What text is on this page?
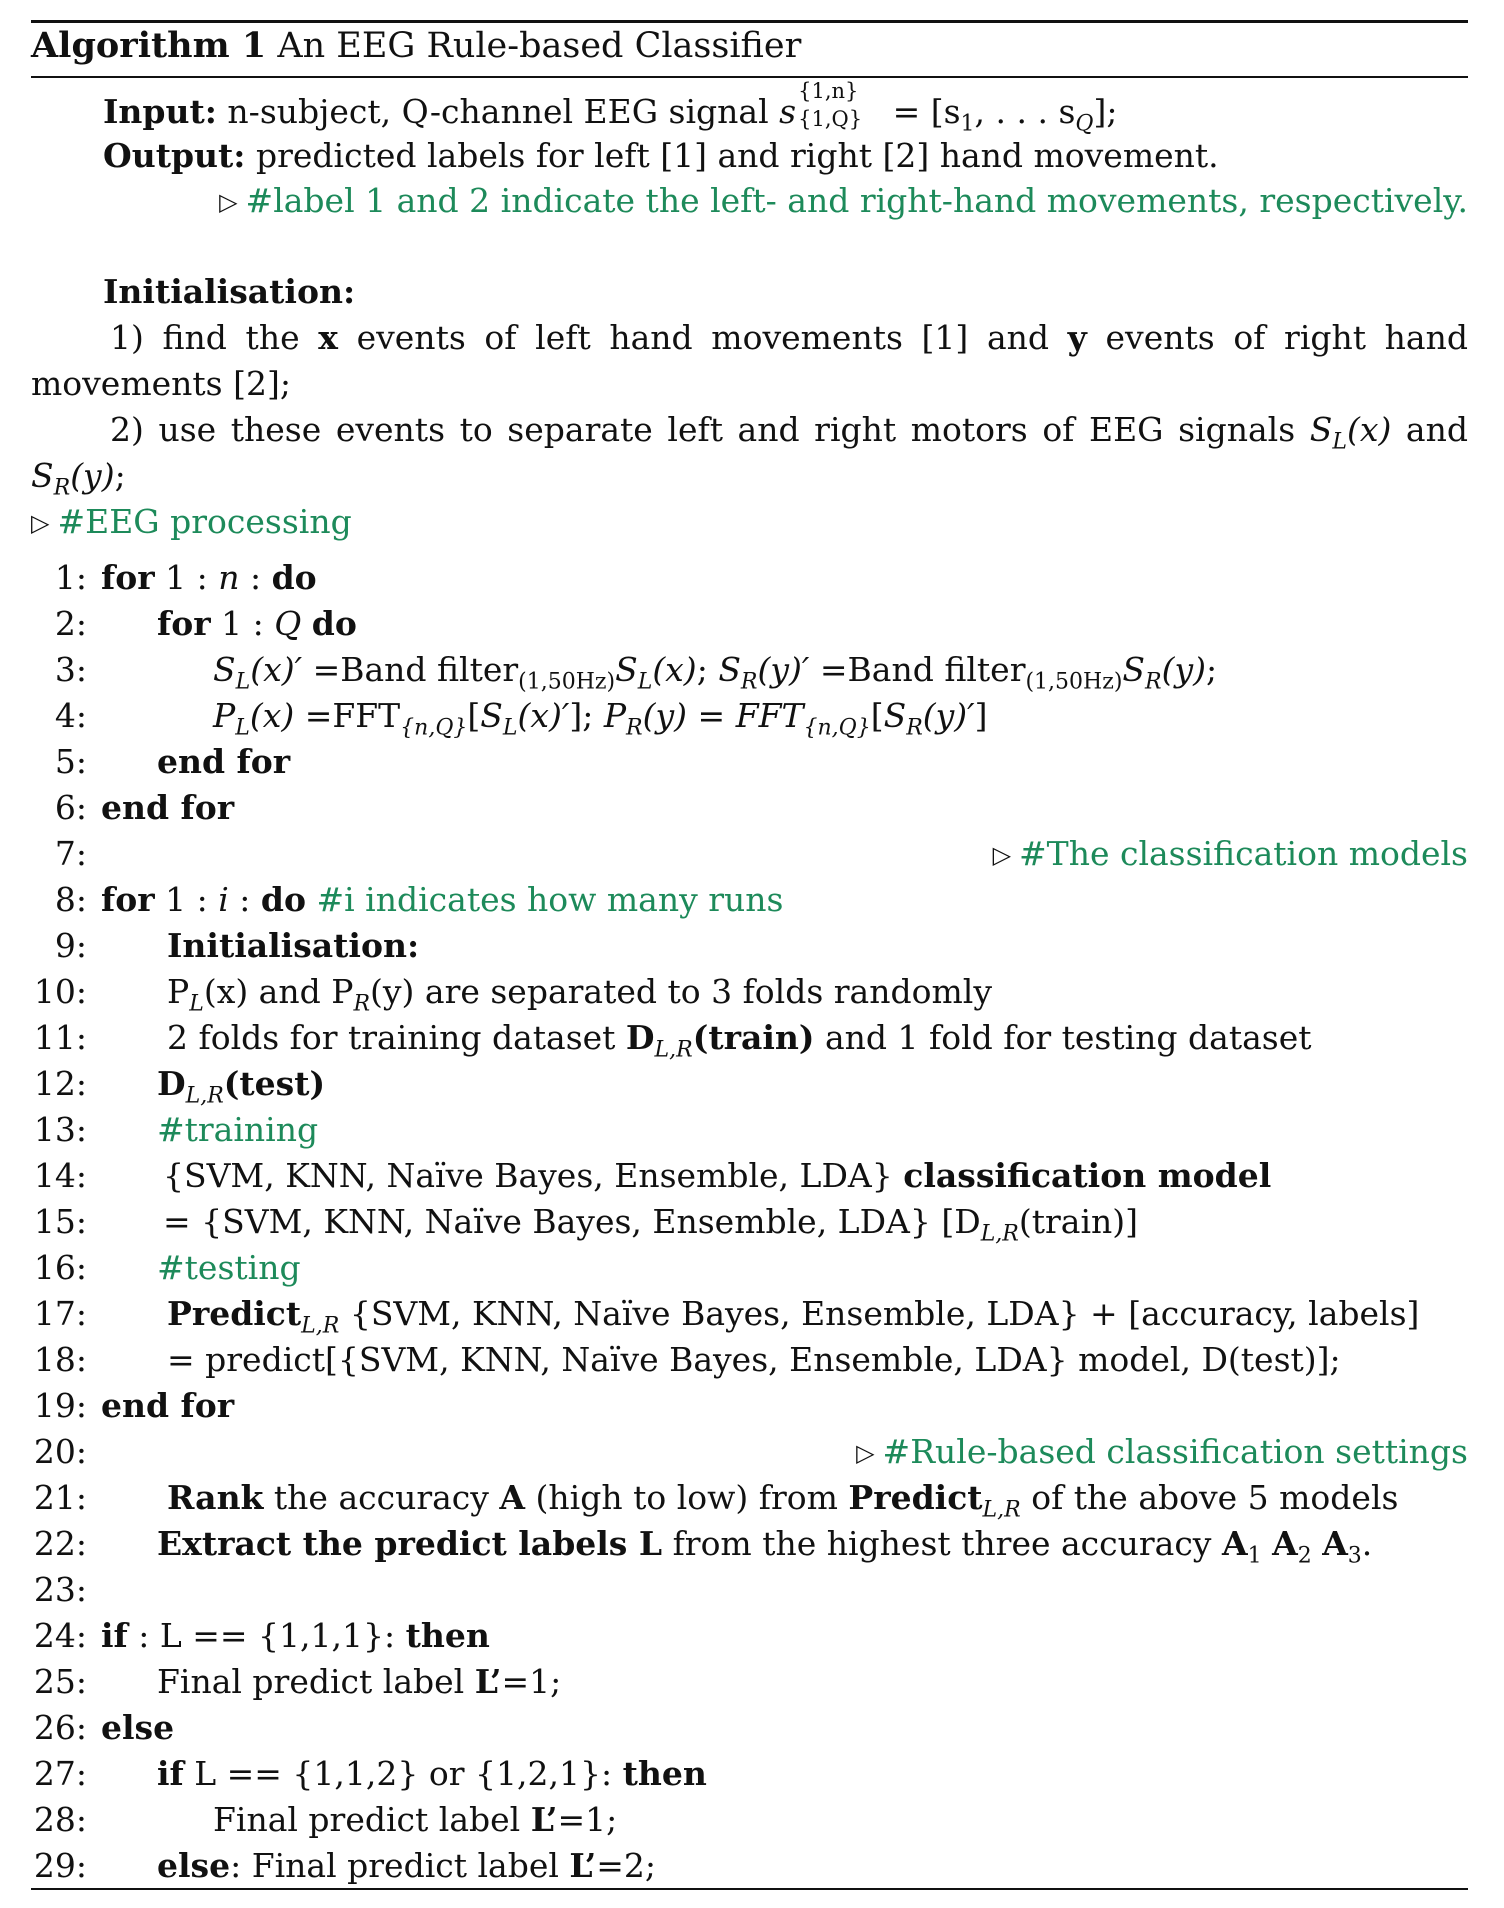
Algorithm 1 An EEG Rule-based Classifier
Input: n-subject, Q-channel EEG signal s
{1,n}
$\{1,Q\} = [s_1$, . . . $s_Q$];
Output: predicted labels for left [1] and right [2] hand movement.
▷ #label 1 and 2 indicate the left- and right-hand movements, respectively.
Initialisation:
1) find the x events of left hand movements [1] and y events of right hand
movements [2];
2) use these events to separate left and right motors of EEG signals $S_L(x)$ and
$S_R(y)$;
▷ #EEG processing
1: for 1 : n : do
2: for 1 : Q do
3:	$S_L(x)'$ =Band $filter_{(1,50Hz)}S_L(x)$; $S_R(y)'$ =Band $filter_{(1,50Hz)}S_R(y)$;
4:	$P_L(x) =FFT_{\{n,Q\}}[S_L(x)']$; $P_R(y) = FFT_{\{n,Q\}}[S_R(y)']$
5: end for
6: end for
7:	▷ #The classification models
8: for 1 : i : do #i indicates how many runs
9: Initialisation:
10: $P_L(x)$ and $P_R(y)$ are separated to 3 folds randomly
11: 2 folds for training dataset $D_{L,R}(train)$ and 1 fold for testing dataset
12: $D_{L,R}(test)$
13: #training
14: {SVM, KNN, Naïve Bayes, Ensemble, LDA} classification model
15: = {SVM, KNN, Naïve Bayes, Ensemble, LDA} $[D_{L,R}(train)]$
16: #testing
17: Predict$_{L,R}$ {SVM, KNN, Naïve Bayes, Ensemble, LDA} + [accuracy, labels]
18: = predict[{SVM, KNN, Naïve Bayes, Ensemble, LDA} model, D(test)];
19: end for
20:	▷ #Rule-based classification settings
21: Rank the accuracy A (high to low) from Predict$_{L,R}$ of the above 5 models
22: Extract the predict labels L from the highest three accuracy $A_1$ $A_2$ $A_3$.
23:
24: if : L == {1,1,1}: then
25: Final predict label L’=1;
26: else
27: if L == {1,1,2} or {1,2,1}: then
28:	Final predict label L’=1;
29: else: Final predict label L’=2;
